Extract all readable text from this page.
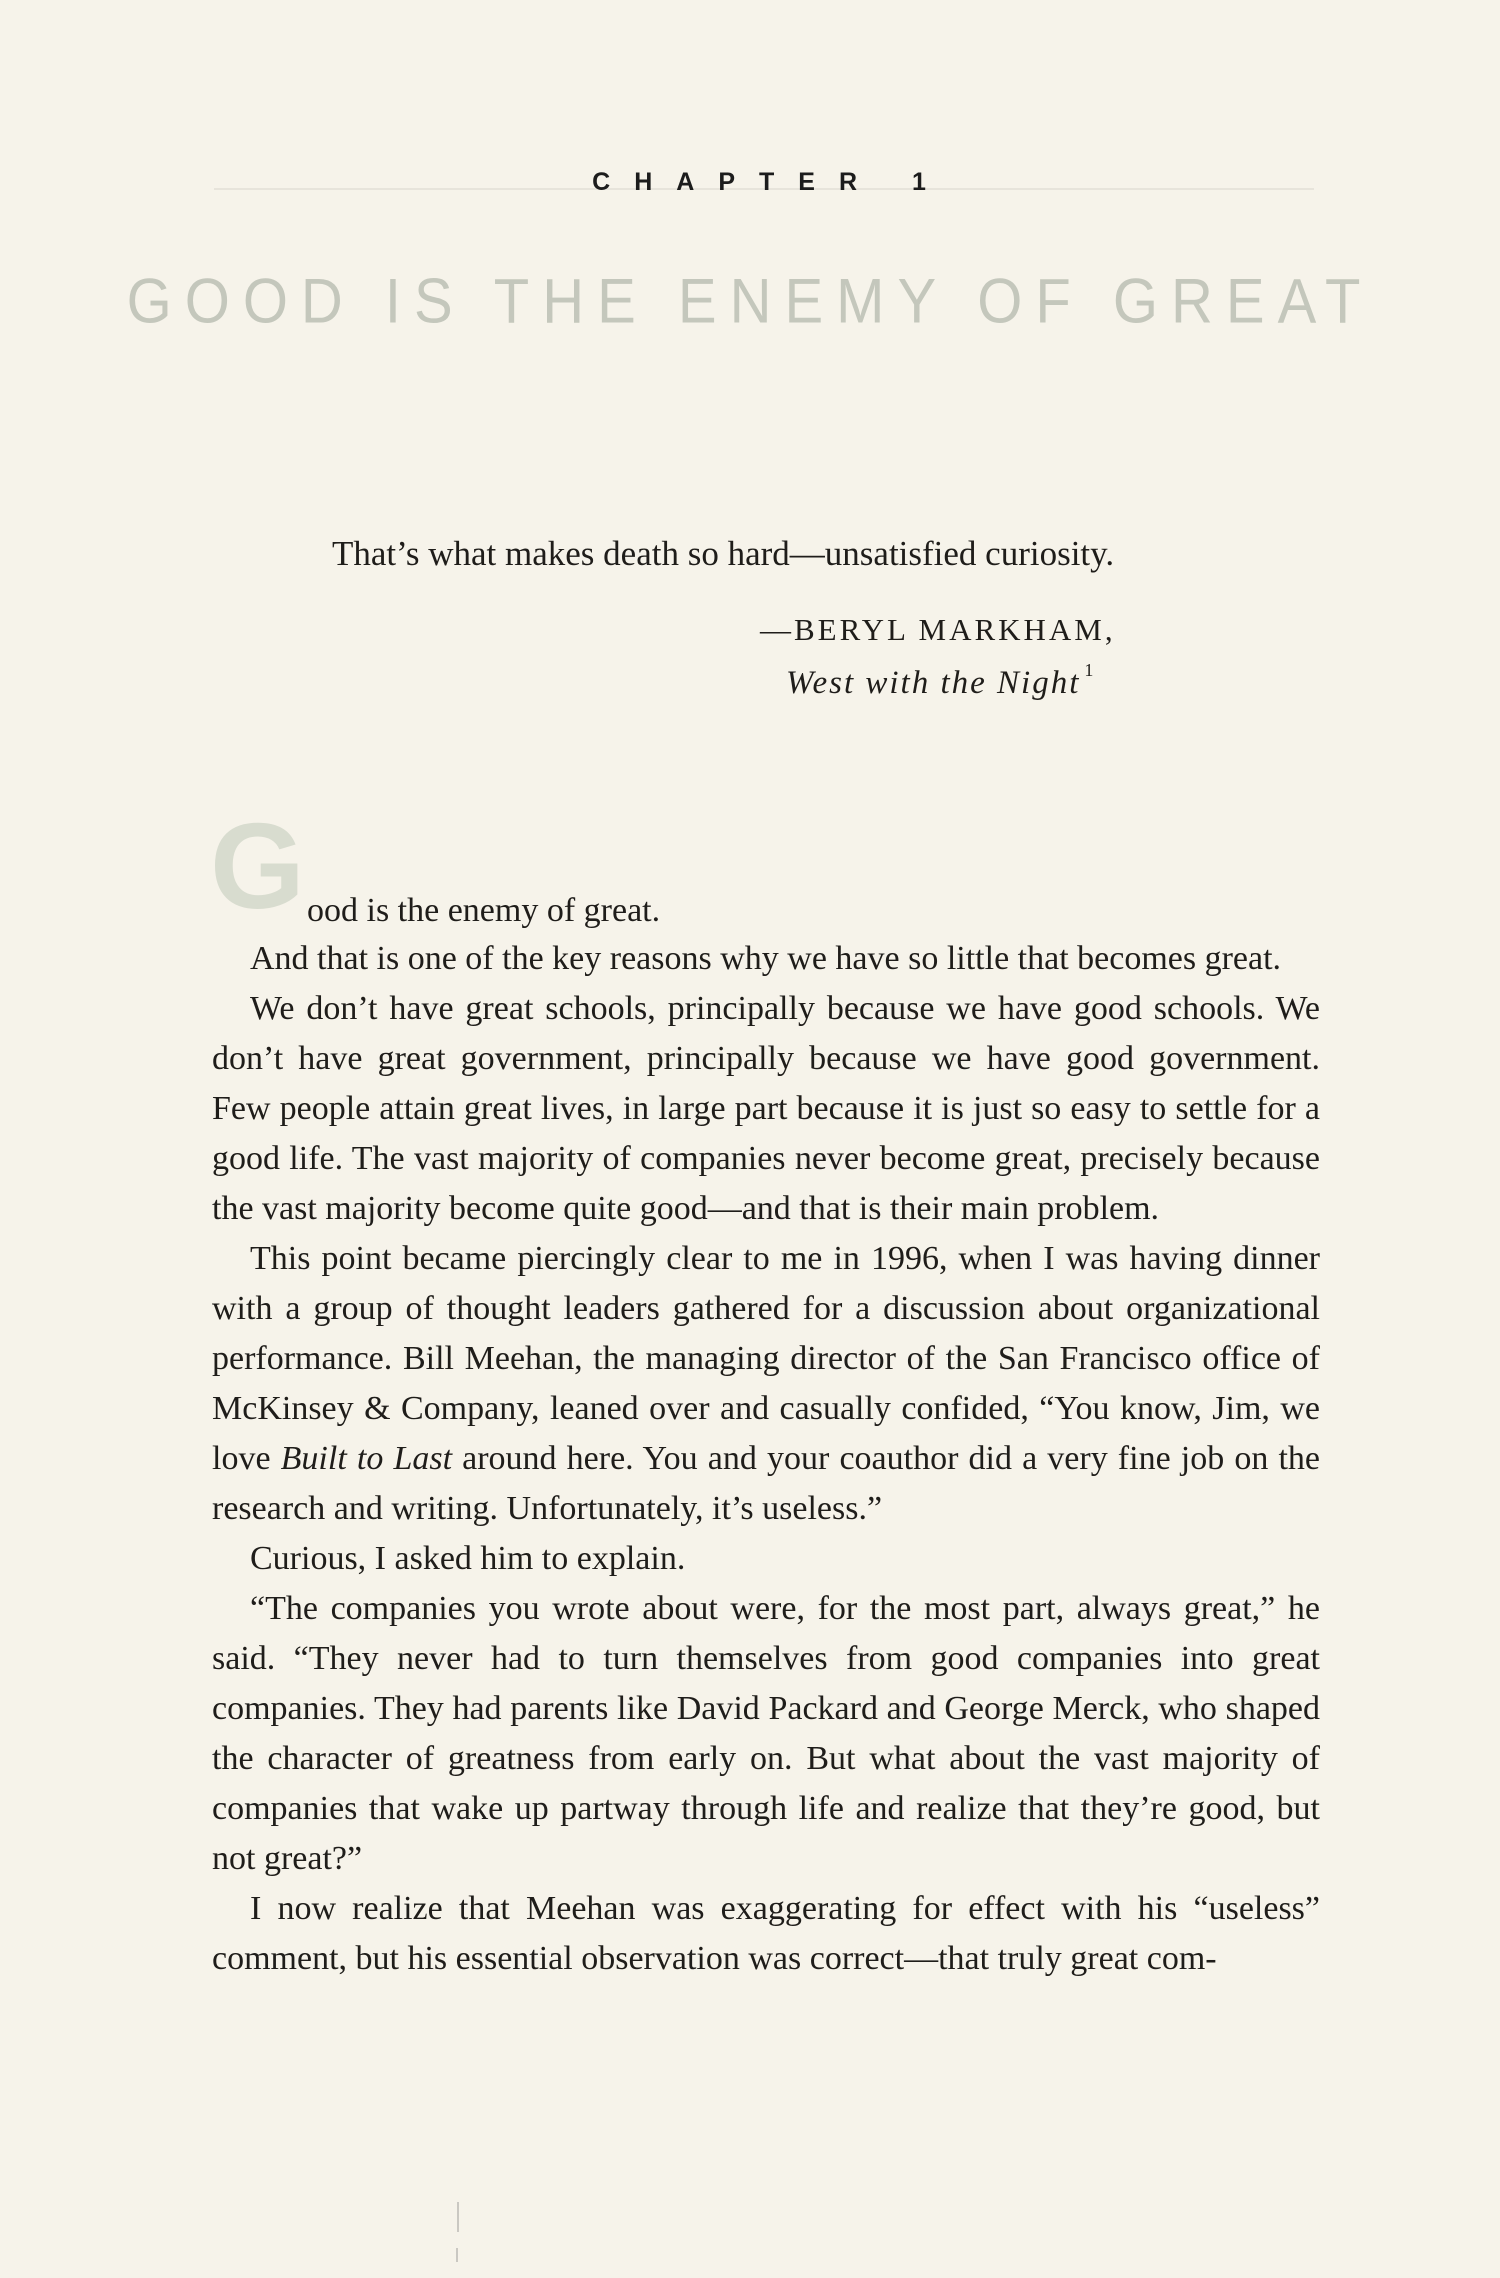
CHAPTER 1
GOOD IS THE ENEMY OF GREAT
That’s what makes death so hard—unsatisfied curiosity.
—BERYL MARKHAM,
West with the Night $^1$
G ood is the enemy of great.

And that is one of the key reasons why we have so little that becomes great.

We don’t have great schools, principally because we have good schools. We don’t have great government, principally because we have good government. Few people attain great lives, in large part because it is just so easy to settle for a good life. The vast majority of companies never become great, precisely because the vast majority become quite good—and that is their main problem.

This point became piercingly clear to me in 1996, when I was having dinner with a group of thought leaders gathered for a discussion about organizational performance. Bill Meehan, the managing director of the San Francisco office of McKinsey & Company, leaned over and casually confided, “You know, Jim, we love Built to Last around here. You and your coauthor did a very fine job on the research and writing. Unfortunately, it’s useless.”

Curious, I asked him to explain.

“The companies you wrote about were, for the most part, always great,” he said. “They never had to turn themselves from good companies into great companies. They had parents like David Packard and George Merck, who shaped the character of greatness from early on. But what about the vast majority of companies that wake up partway through life and realize that they’re good, but not great?”

I now realize that Meehan was exaggerating for effect with his “useless” comment, but his essential observation was correct—that truly great com-
